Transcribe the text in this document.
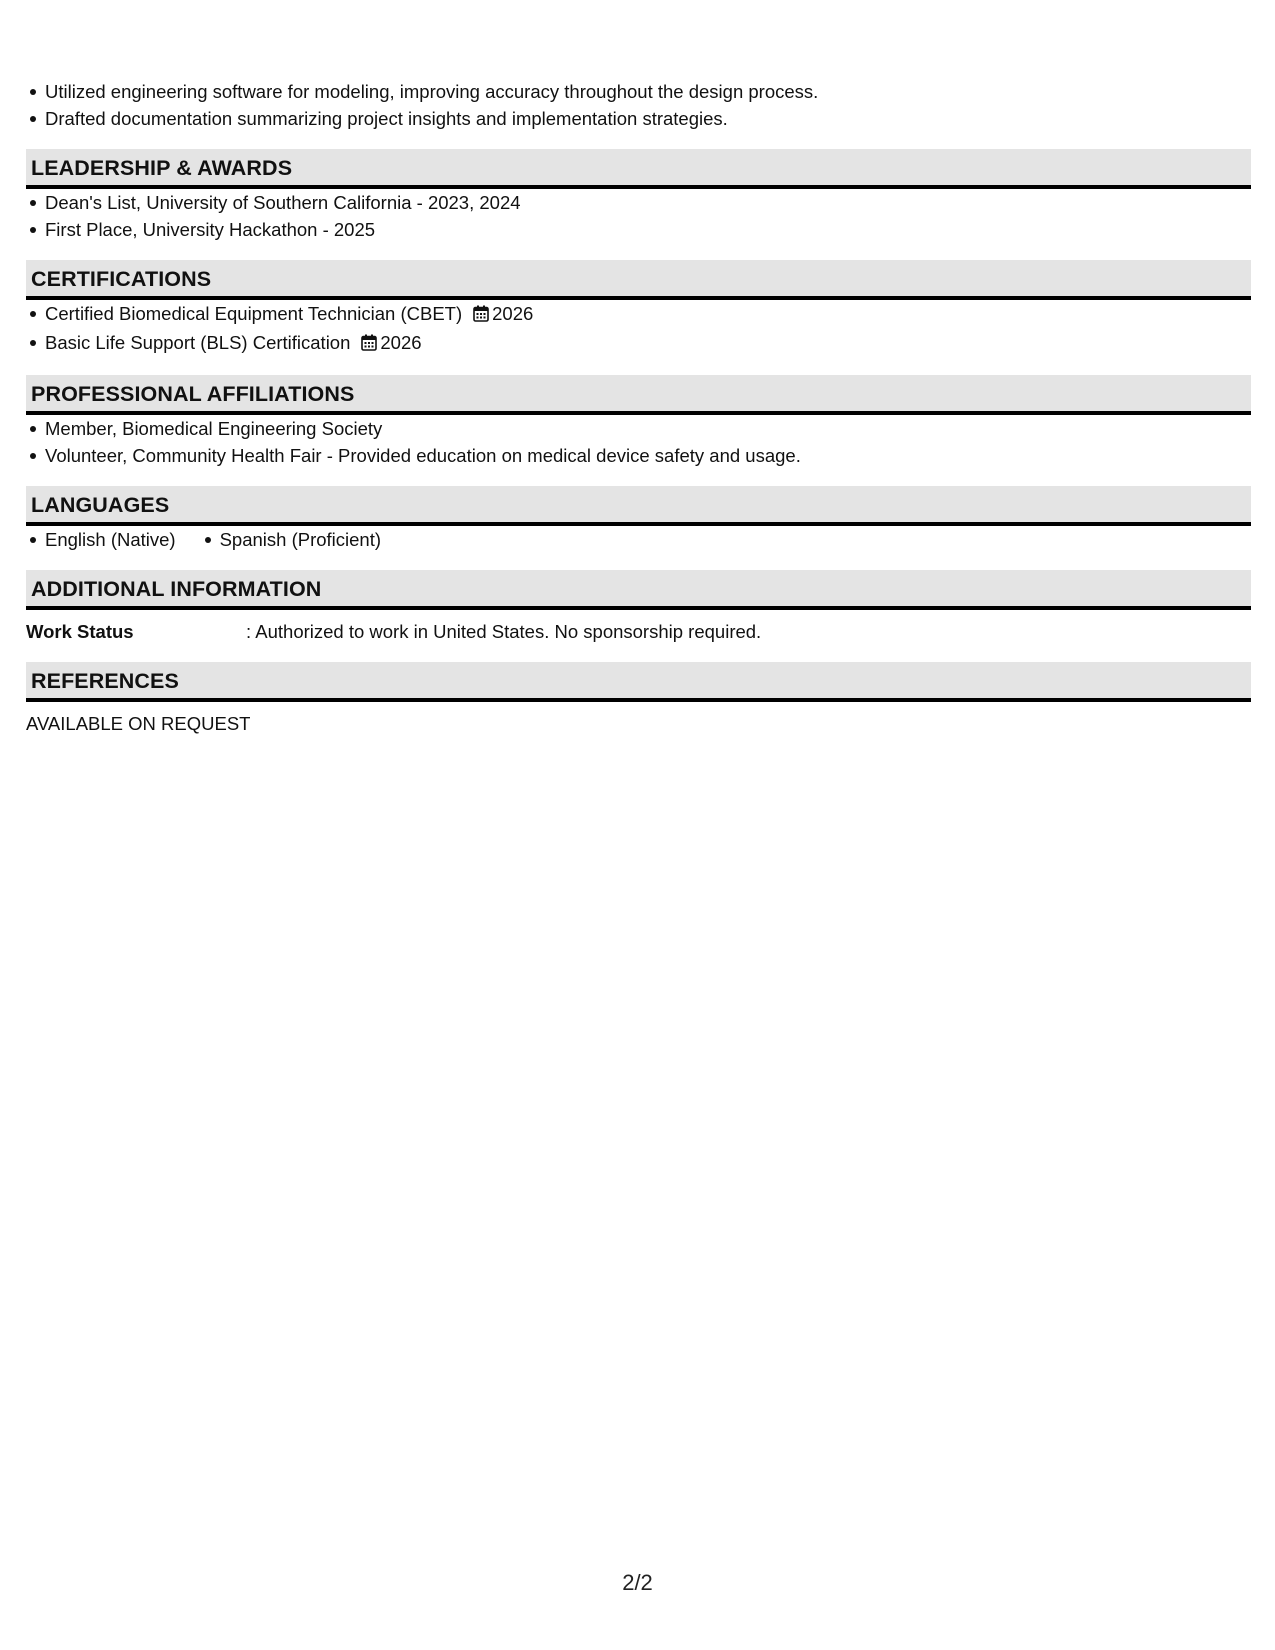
Utilized engineering software for modeling, improving accuracy throughout the design process.
Drafted documentation summarizing project insights and implementation strategies.
LEADERSHIP & AWARDS
Dean's List, University of Southern California - 2023, 2024
First Place, University Hackathon - 2025
CERTIFICATIONS
Certified Biomedical Equipment Technician (CBET) 2026
Basic Life Support (BLS) Certification 2026
PROFESSIONAL AFFILIATIONS
Member, Biomedical Engineering Society
Volunteer, Community Health Fair - Provided education on medical device safety and usage.
LANGUAGES
English (Native) Spanish (Proficient)
ADDITIONAL INFORMATION
Work Status	: Authorized to work in United States. No sponsorship required.
REFERENCES
AVAILABLE ON REQUEST
2/2
